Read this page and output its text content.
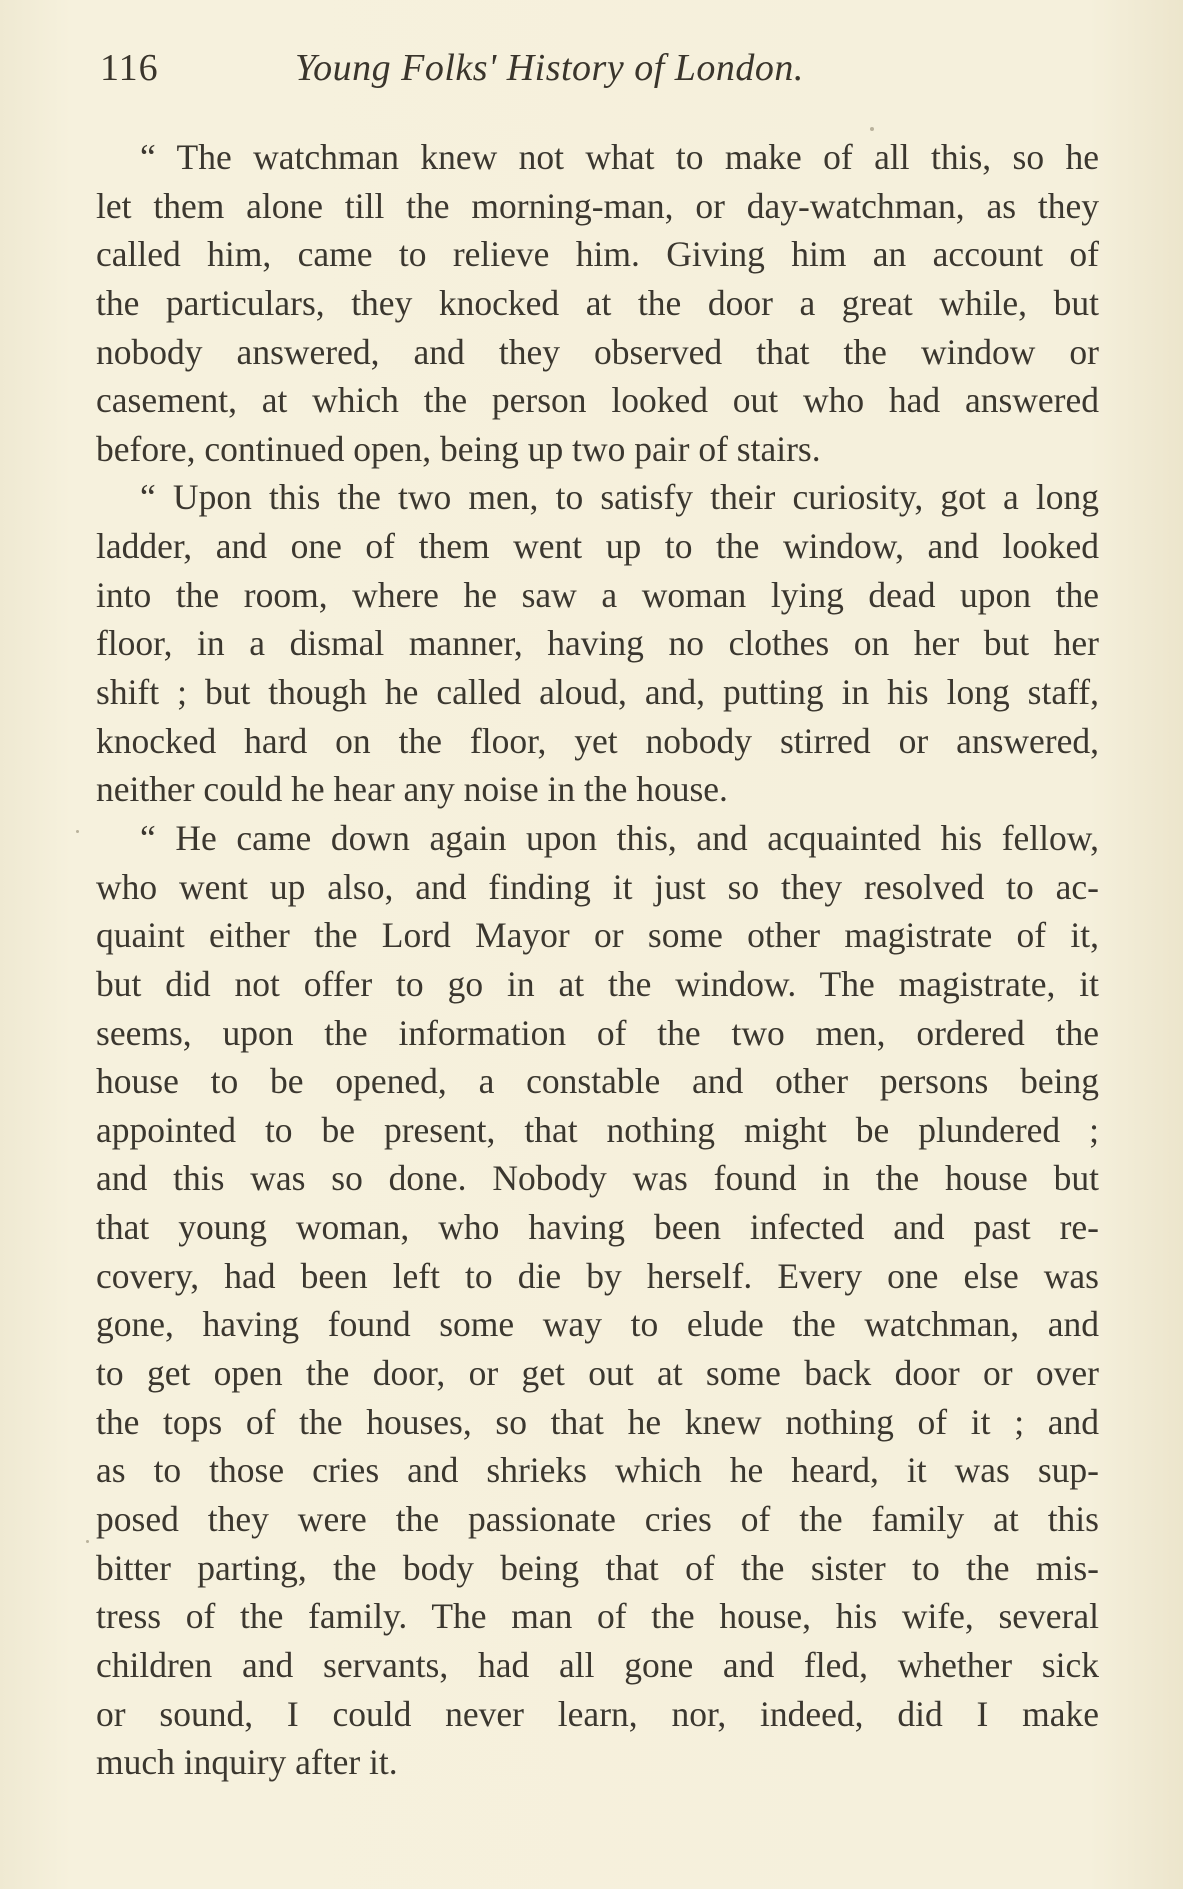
116	Young Folks' History of London.
“ The watchman knew not what to make of all this, so he
let them alone till the morning-man, or day-watchman, as they
called him, came to relieve him. Giving him an account of
the particulars, they knocked at the door a great while, but
nobody answered, and they observed that the window or
casement, at which the person looked out who had answered
before, continued open, being up two pair of stairs.
“ Upon this the two men, to satisfy their curiosity, got a long
ladder, and one of them went up to the window, and looked
into the room, where he saw a woman lying dead upon the
floor, in a dismal manner, having no clothes on her but her
shift ; but though he called aloud, and, putting in his long staff,
knocked hard on the floor, yet nobody stirred or answered,
neither could he hear any noise in the house.
“ He came down again upon this, and acquainted his fellow,
who went up also, and finding it just so they resolved to ac-
quaint either the Lord Mayor or some other magistrate of it,
but did not offer to go in at the window. The magistrate, it
seems, upon the information of the two men, ordered the
house to be opened, a constable and other persons being
appointed to be present, that nothing might be plundered ;
and this was so done. Nobody was found in the house but
that young woman, who having been infected and past re-
covery, had been left to die by herself. Every one else was
gone, having found some way to elude the watchman, and
to get open the door, or get out at some back door or over
the tops of the houses, so that he knew nothing of it ; and
as to those cries and shrieks which he heard, it was sup-
posed they were the passionate cries of the family at this
bitter parting, the body being that of the sister to the mis-
tress of the family. The man of the house, his wife, several
children and servants, had all gone and fled, whether sick
or sound, I could never learn, nor, indeed, did I make
much inquiry after it.
